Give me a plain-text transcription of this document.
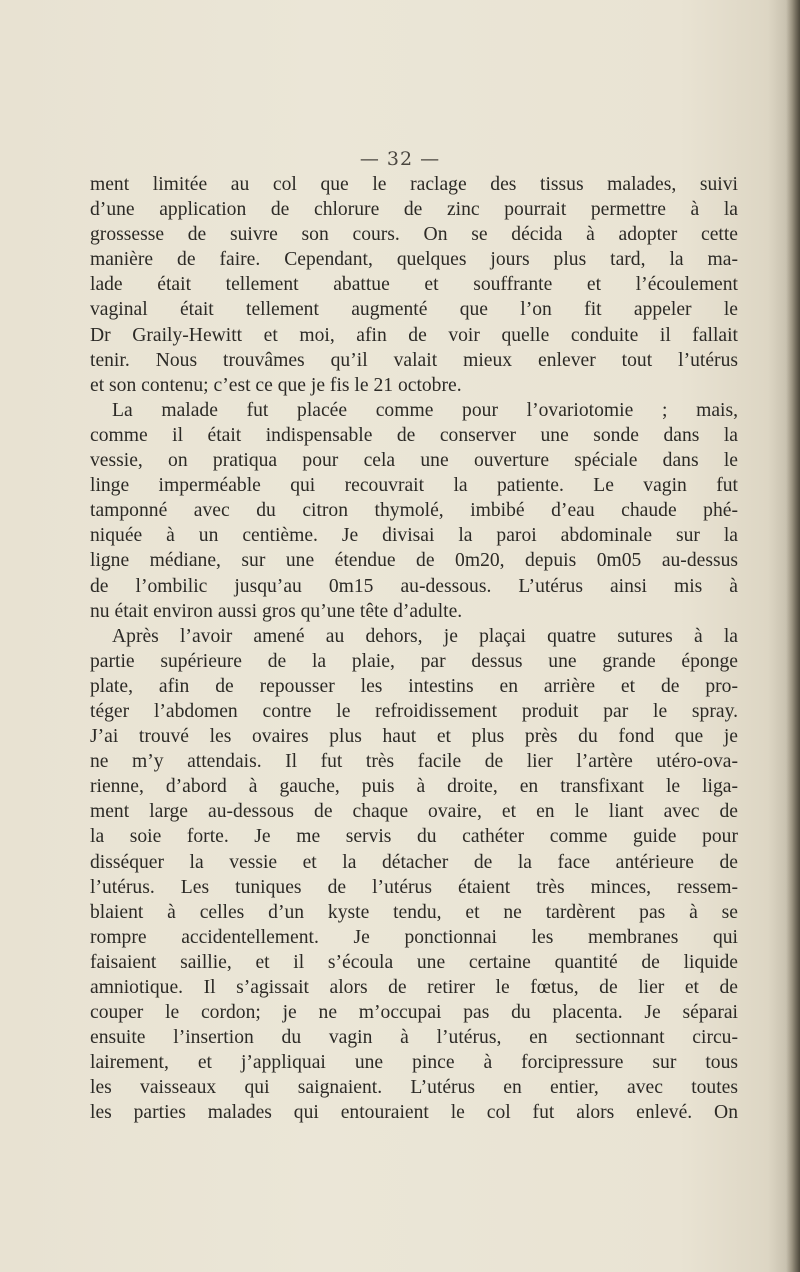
— 32 —
ment limitée au col que le raclage des tissus malades, suivi
d’une application de chlorure de zinc pourrait permettre à la
grossesse de suivre son cours. On se décida à adopter cette
manière de faire. Cependant, quelques jours plus tard, la ma-
lade était tellement abattue et souffrante et l’écoulement
vaginal était tellement augmenté que l’on fit appeler le
Dr Graily-Hewitt et moi, afin de voir quelle conduite il fallait
tenir. Nous trouvâmes qu’il valait mieux enlever tout l’utérus
et son contenu; c’est ce que je fis le 21 octobre.
La malade fut placée comme pour l’ovariotomie ; mais,
comme il était indispensable de conserver une sonde dans la
vessie, on pratiqua pour cela une ouverture spéciale dans le
linge imperméable qui recouvrait la patiente. Le vagin fut
tamponné avec du citron thymolé, imbibé d’eau chaude phé-
niquée à un centième. Je divisai la paroi abdominale sur la
ligne médiane, sur une étendue de 0m20, depuis 0m05 au-dessus
de l’ombilic jusqu’au 0m15 au-dessous. L’utérus ainsi mis à
nu était environ aussi gros qu’une tête d’adulte.
Après l’avoir amené au dehors, je plaçai quatre sutures à la
partie supérieure de la plaie, par dessus une grande éponge
plate, afin de repousser les intestins en arrière et de pro-
téger l’abdomen contre le refroidissement produit par le spray.
J’ai trouvé les ovaires plus haut et plus près du fond que je
ne m’y attendais. Il fut très facile de lier l’artère utéro-ova-
rienne, d’abord à gauche, puis à droite, en transfixant le liga-
ment large au-dessous de chaque ovaire, et en le liant avec de
la soie forte. Je me servis du cathéter comme guide pour
disséquer la vessie et la détacher de la face antérieure de
l’utérus. Les tuniques de l’utérus étaient très minces, ressem-
blaient à celles d’un kyste tendu, et ne tardèrent pas à se
rompre accidentellement. Je ponctionnai les membranes qui
faisaient saillie, et il s’écoula une certaine quantité de liquide
amniotique. Il s’agissait alors de retirer le fœtus, de lier et de
couper le cordon; je ne m’occupai pas du placenta. Je séparai
ensuite l’insertion du vagin à l’utérus, en sectionnant circu-
lairement, et j’appliquai une pince à forcipressure sur tous
les vaisseaux qui saignaient. L’utérus en entier, avec toutes
les parties malades qui entouraient le col fut alors enlevé. On
